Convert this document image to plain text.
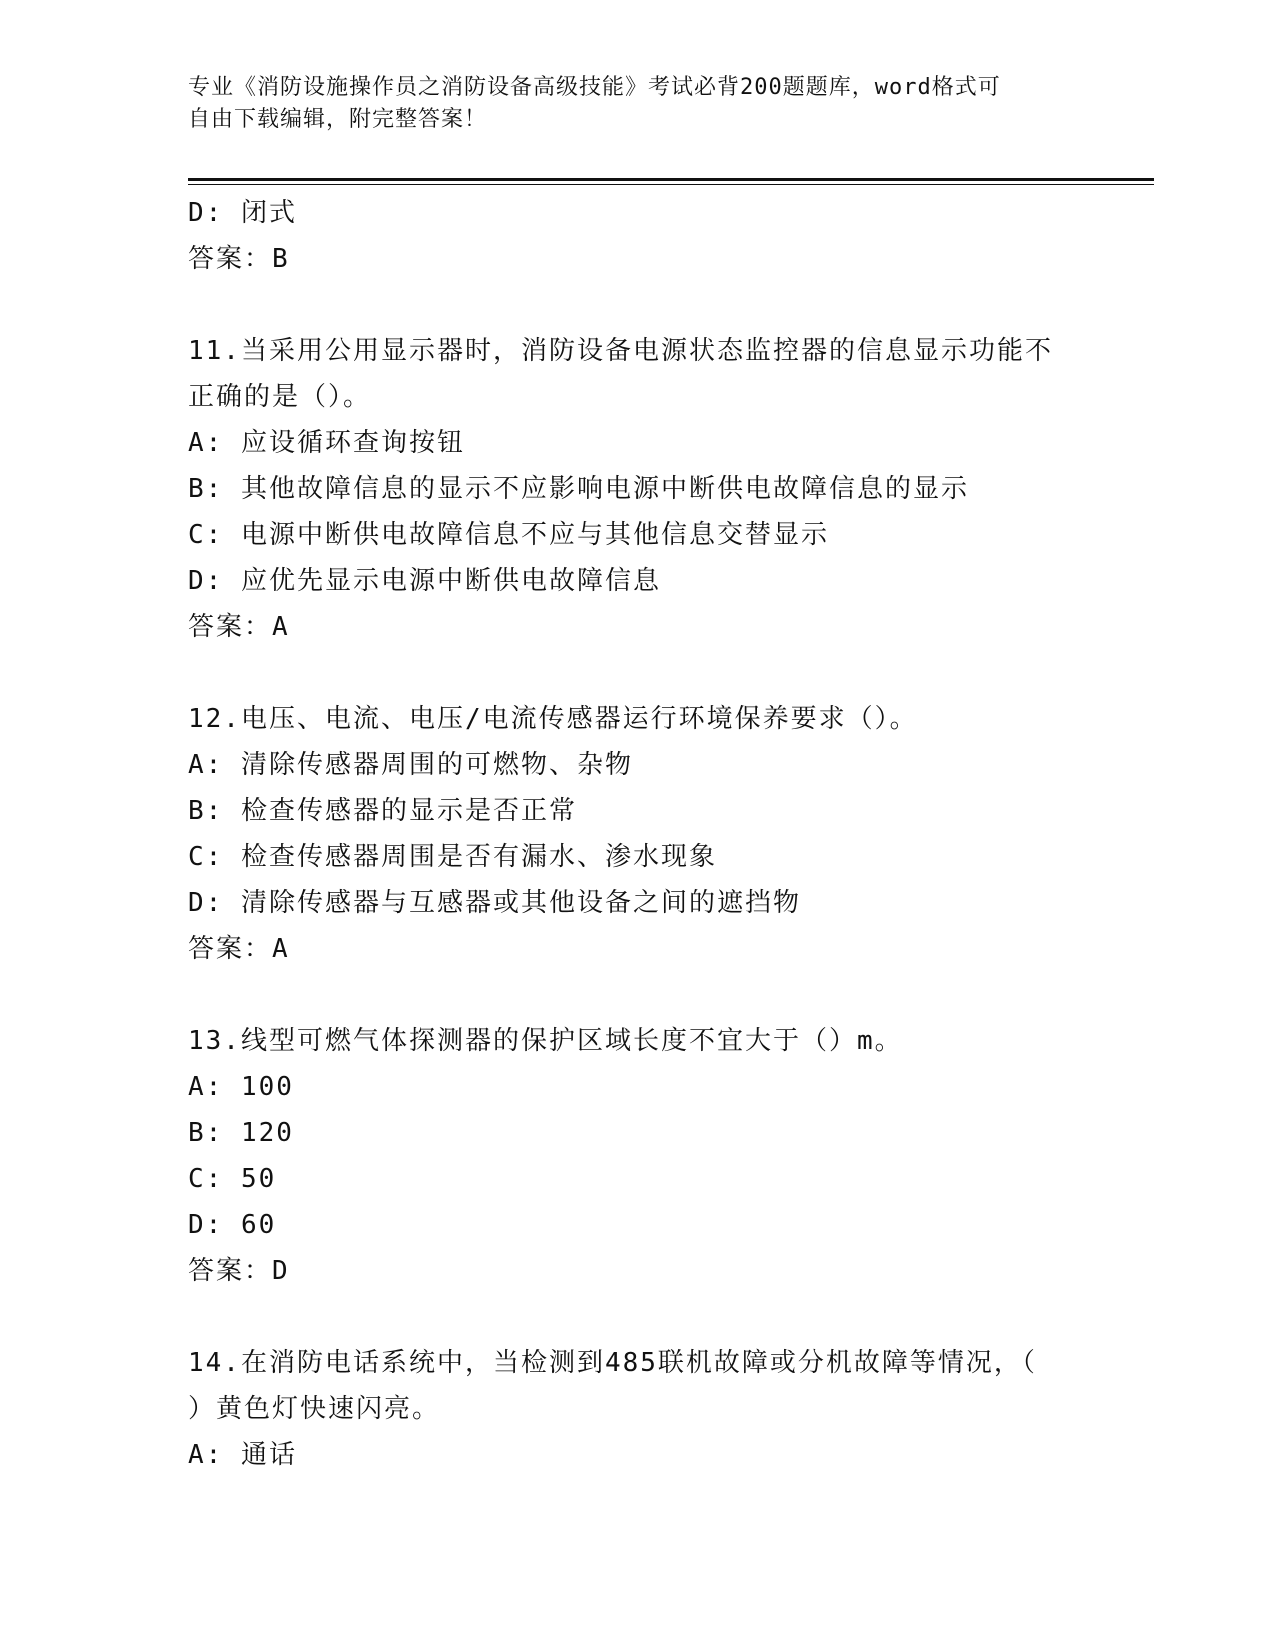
专业《消防设施操作员之消防设备高级技能》考试必背200题题库，word格式可
自由下载编辑，附完整答案！
D: 闭式
答案：B
11.当采用公用显示器时，消防设备电源状态监控器的信息显示功能不
正确的是（）。
A: 应设循环查询按钮
B: 其他故障信息的显示不应影响电源中断供电故障信息的显示
C: 电源中断供电故障信息不应与其他信息交替显示
D: 应优先显示电源中断供电故障信息
答案：A
12.电压、电流、电压/电流传感器运行环境保养要求（）。
A: 清除传感器周围的可燃物、杂物
B: 检查传感器的显示是否正常
C: 检查传感器周围是否有漏水、渗水现象
D: 清除传感器与互感器或其他设备之间的遮挡物
答案：A
13.线型可燃气体探测器的保护区域长度不宜大于（）m。
A: 100
B: 120
C: 50
D: 60
答案：D
14.在消防电话系统中，当检测到485联机故障或分机故障等情况，（
）黄色灯快速闪亮。
A: 通话
